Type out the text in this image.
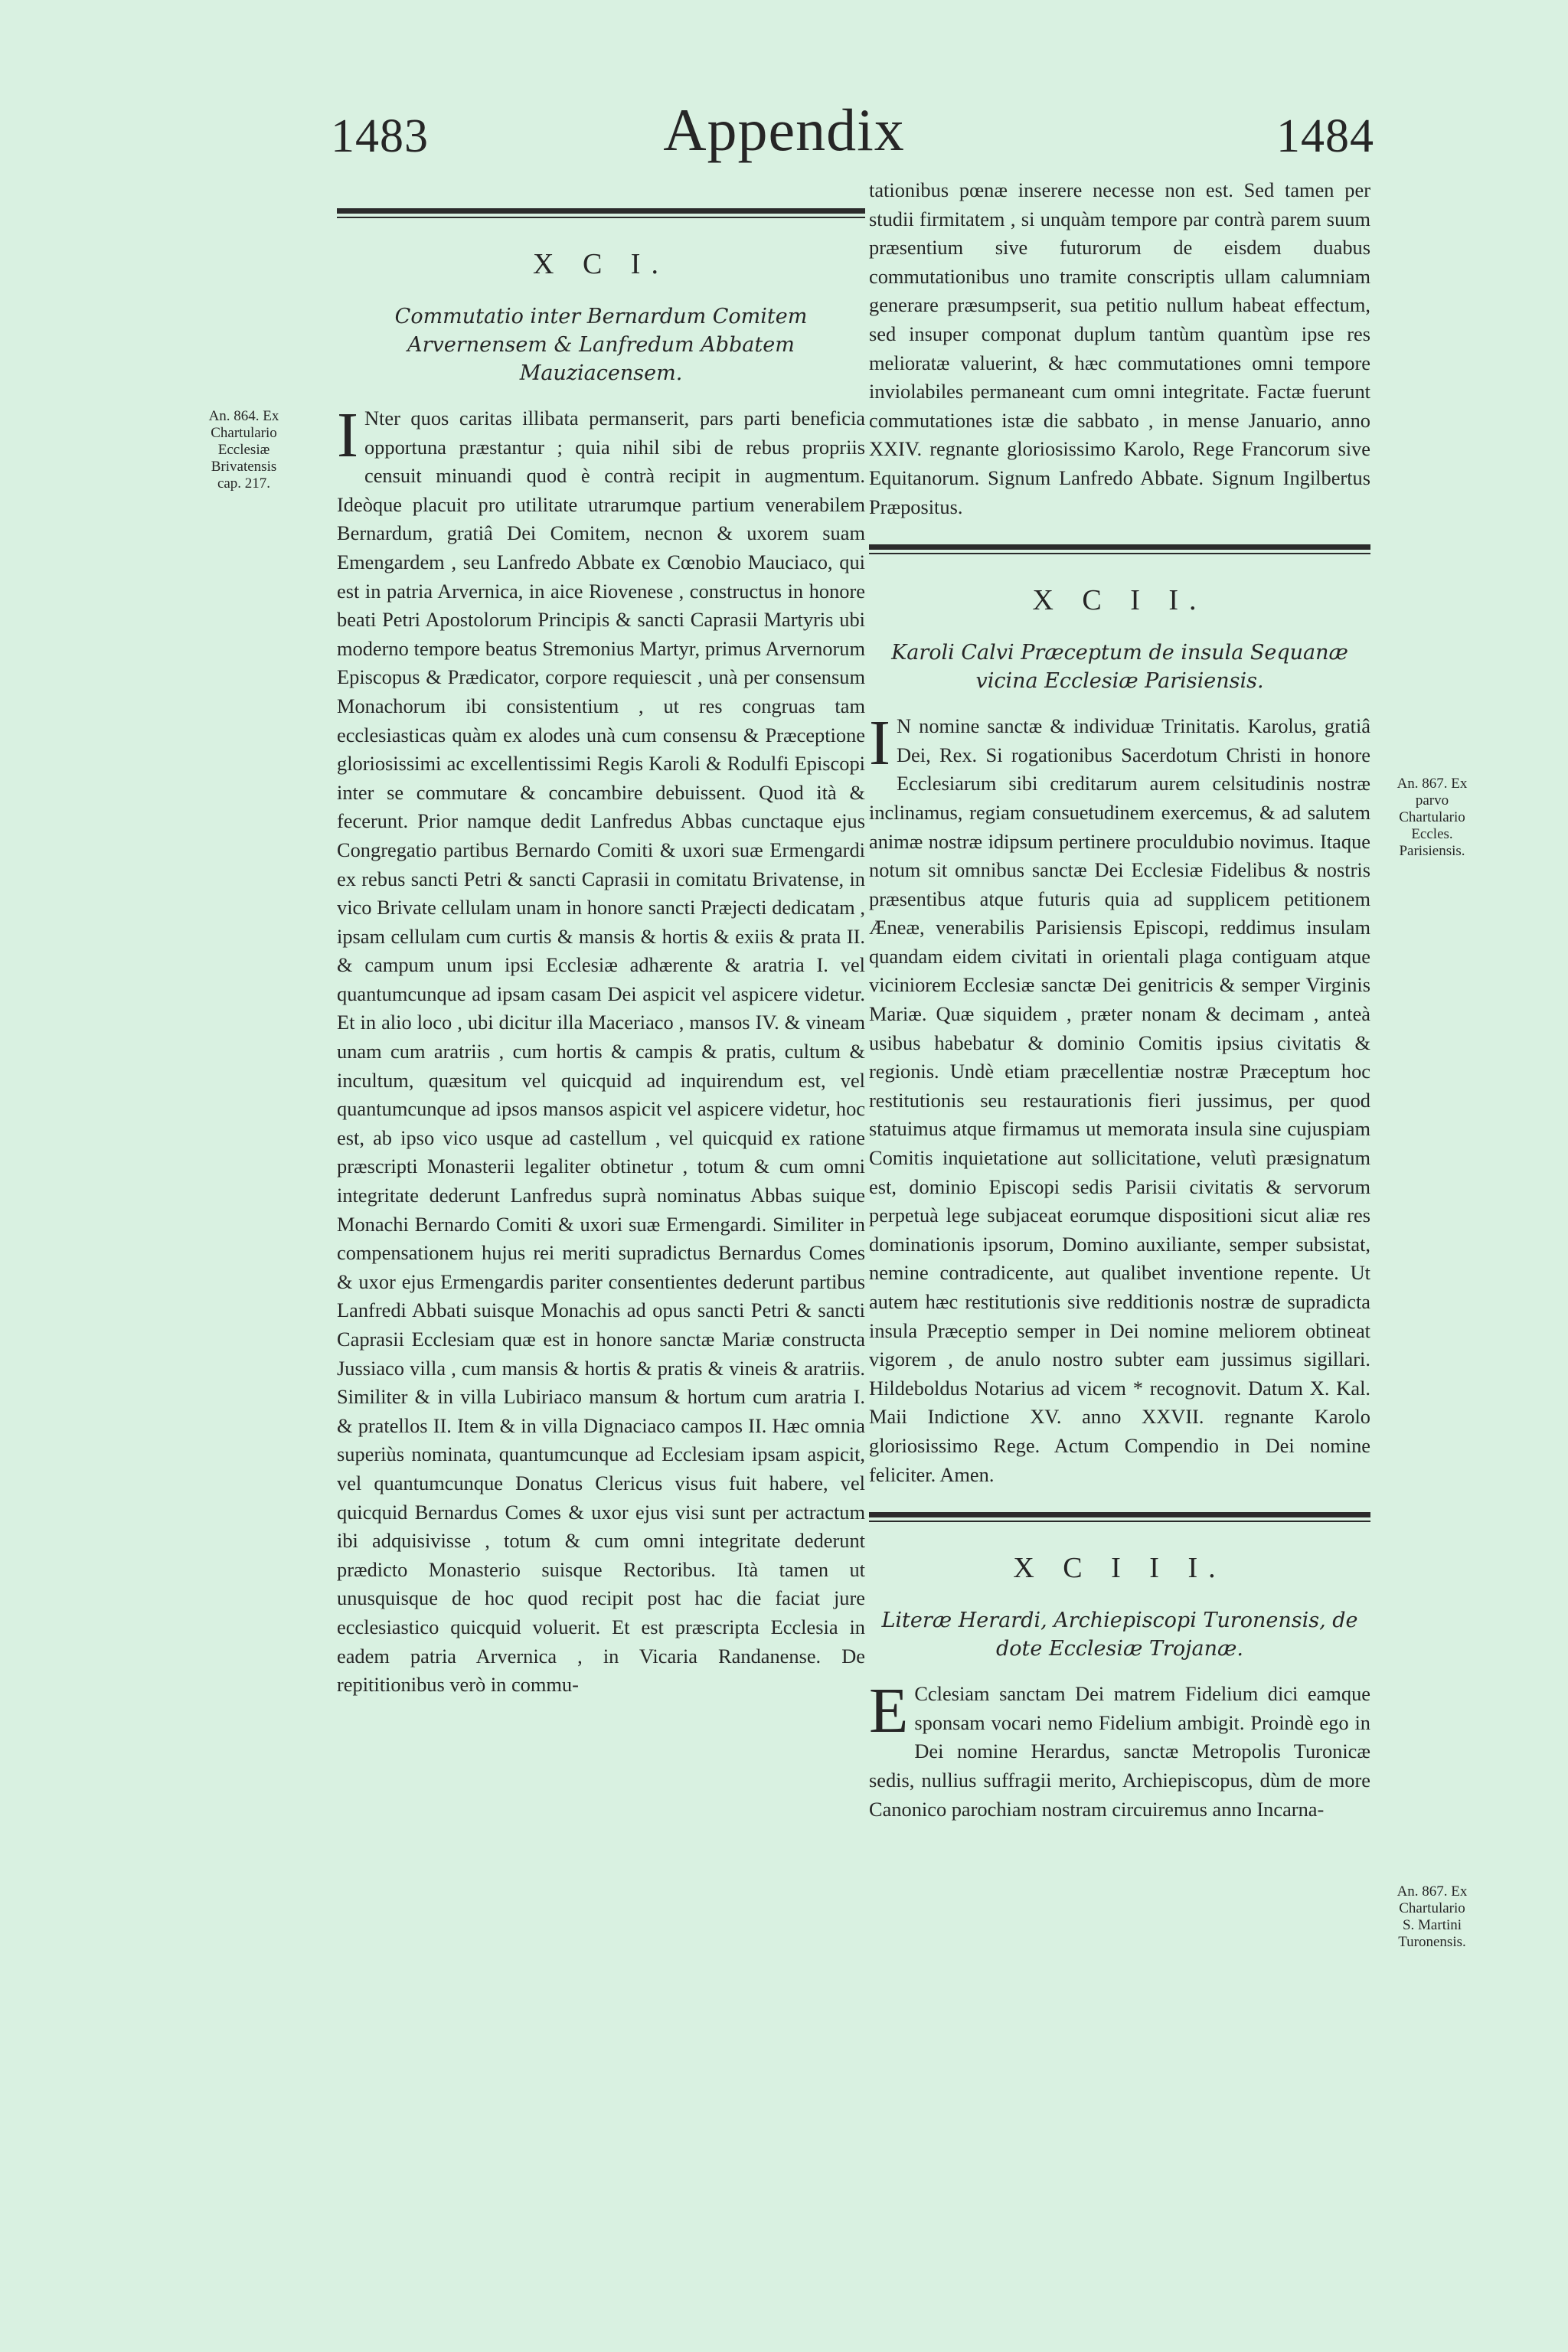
1483	Appendix	1484
An. 864. Ex Chartulario Ecclesiæ Brivatensis cap. 217.
An. 867. Ex parvo Chartulario Eccles. Parisiensis.
An. 867. Ex Chartulario S. Martini Turonensis.
X C I.
Commutatio inter Bernardum Comitem Arvernensem & Lanfredum Abbatem Mauziacensem.

I Nter quos caritas illibata permanserit, pars parti beneficia opportuna præstantur ; quia nihil sibi de rebus propriis censuit minuandi quod è contrà recipit in augmentum. Ideòque placuit pro utilitate utrarumque partium venerabilem Bernardum, gratiâ Dei Comitem, necnon & uxorem suam Emengardem , seu Lanfredo Abbate ex Cœnobio Mauciaco, qui est in patria Arvernica, in aice Riovenese , constructus in honore beati Petri Apostolorum Principis & sancti Caprasii Martyris ubi moderno tempore beatus Stremonius Martyr, primus Arvernorum Episcopus & Prædicator, corpore requiescit , unà per consensum Monachorum ibi consistentium , ut res congruas tam ecclesiasticas quàm ex alodes unà cum consensu & Præceptione gloriosissimi ac excellentissimi Regis Karoli & Rodulfi Episcopi inter se commutare & concambire debuissent. Quod ità & fecerunt. Prior namque dedit Lanfredus Abbas cunctaque ejus Congregatio partibus Bernardo Comiti & uxori suæ Ermengardi ex rebus sancti Petri & sancti Caprasii in comitatu Brivatense, in vico Brivate cellulam unam in honore sancti Præjecti dedicatam , ipsam cellulam cum curtis & mansis & hortis & exiis & prata II. & campum unum ipsi Ecclesiæ adhærente & aratria I. vel quantumcunque ad ipsam casam Dei aspicit vel aspicere videtur. Et in alio loco , ubi dicitur illa Maceriaco , mansos IV. & vineam unam cum aratriis , cum hortis & campis & pratis, cultum & incultum, quæsitum vel quicquid ad inquirendum est, vel quantumcunque ad ipsos mansos aspicit vel aspicere videtur, hoc est, ab ipso vico usque ad castellum , vel quicquid ex ratione præscripti Monasterii legaliter obtinetur , totum & cum omni integritate dederunt Lanfredus suprà nominatus Abbas suique Monachi Bernardo Comiti & uxori suæ Ermengardi. Similiter in compensationem hujus rei meriti supradictus Bernardus Comes & uxor ejus Ermengardis pariter consentientes dederunt partibus Lanfredi Abbati suisque Monachis ad opus sancti Petri & sancti Caprasii Ecclesiam quæ est in honore sanctæ Mariæ constructa Jussiaco villa , cum mansis & hortis & pratis & vineis & aratriis. Similiter & in villa Lubiriaco mansum & hortum cum aratria I. & pratellos II. Item & in villa Dignaciaco campos II. Hæc omnia superiùs nominata, quantumcunque ad Ecclesiam ipsam aspicit, vel quantumcunque Donatus Clericus visus fuit habere, vel quicquid Bernardus Comes & uxor ejus visi sunt per actractum ibi adquisivisse , totum & cum omni integritate dederunt prædicto Monasterio suisque Rectoribus. Ità tamen ut unusquisque de hoc quod recipit post hac die faciat jure ecclesiastico quicquid voluerit. Et est præscripta Ecclesia in eadem patria Arvernica , in Vicaria Randanense. De repititionibus verò in commu-

tationibus pœnæ inserere necesse non est. Sed tamen per studii firmitatem , si unquàm tempore par contrà parem suum præsentium sive futurorum de eisdem duabus commutationibus uno tramite conscriptis ullam calumniam generare præsumpserit, sua petitio nullum habeat effectum, sed insuper componat duplum tantùm quantùm ipse res melioratæ valuerint, & hæc commutationes omni tempore inviolabiles permaneant cum omni integritate. Factæ fuerunt commutationes istæ die sabbato , in mense Januario, anno XXIV. regnante gloriosissimo Karolo, Rege Francorum sive Equitanorum. Signum Lanfredo Abbate. Signum Ingilbertus Præpositus.

X C I I.
Karoli Calvi Præceptum de insula Sequanæ vicina Ecclesiæ Parisiensis.

I N nomine sanctæ & individuæ Trinitatis. Karolus, gratiâ Dei, Rex. Si rogationibus Sacerdotum Christi in honore Ecclesiarum sibi creditarum aurem celsitudinis nostræ inclinamus, regiam consuetudinem exercemus, & ad salutem animæ nostræ idipsum pertinere proculdubio novimus. Itaque notum sit omnibus sanctæ Dei Ecclesiæ Fidelibus & nostris præsentibus atque futuris quia ad supplicem petitionem Æneæ, venerabilis Parisiensis Episcopi, reddimus insulam quandam eidem civitati in orientali plaga contiguam atque viciniorem Ecclesiæ sanctæ Dei genitricis & semper Virginis Mariæ. Quæ siquidem , præter nonam & decimam , anteà usibus habebatur & dominio Comitis ipsius civitatis & regionis. Undè etiam præcellentiæ nostræ Præceptum hoc restitutionis seu restaurationis fieri jussimus, per quod statuimus atque firmamus ut memorata insula sine cujuspiam Comitis inquietatione aut sollicitatione, velutì præsignatum est, dominio Episcopi sedis Parisii civitatis & servorum perpetuà lege subjaceat eorumque dispositioni sicut aliæ res dominationis ipsorum, Domino auxiliante, semper subsistat, nemine contradicente, aut qualibet inventione repente. Ut autem hæc restitutionis sive redditionis nostræ de supradicta insula Præceptio semper in Dei nomine meliorem obtineat vigorem , de anulo nostro subter eam jussimus sigillari. Hildeboldus Notarius ad vicem * recognovit. Datum X. Kal. Maii Indictione XV. anno XXVII. regnante Karolo gloriosissimo Rege. Actum Compendio in Dei nomine feliciter. Amen.

X C I I I.
Literæ Herardi, Archiepiscopi Turonensis, de dote Ecclesiæ Trojanæ.

E Cclesiam sanctam Dei matrem Fidelium dici eamque sponsam vocari nemo Fidelium ambigit. Proindè ego in Dei nomine Herardus, sanctæ Metropolis Turonicæ sedis, nullius suffragii merito, Archiepiscopus, dùm de more Canonico parochiam nostram circuiremus anno Incarna-
